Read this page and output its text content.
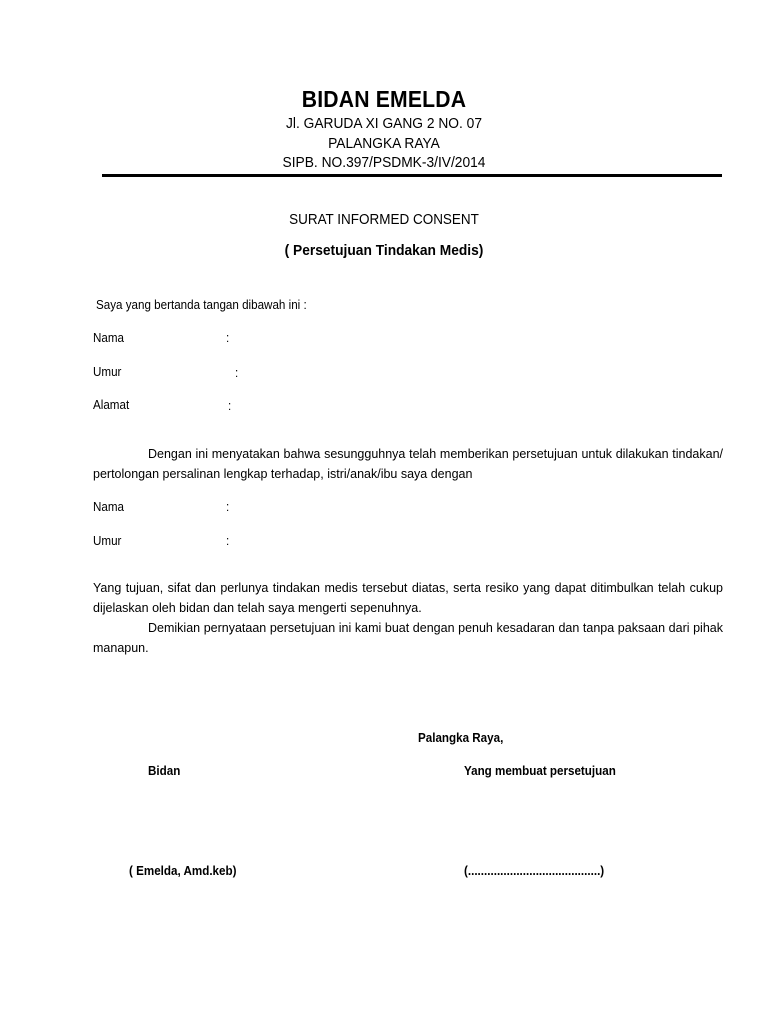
BIDAN EMELDA
Jl. GARUDA XI GANG 2 NO. 07
PALANGKA RAYA
SIPB. NO.397/PSDMK-3/IV/2014
SURAT INFORMED CONSENT
( Persetujuan Tindakan Medis)
Saya yang bertanda tangan dibawah ini :
Nama	:
Umur	:
Alamat	:

Dengan ini menyatakan bahwa sesungguhnya telah memberikan persetujuan untuk dilakukan tindakan/ pertolongan persalinan lengkap terhadap, istri/anak/ibu saya dengan

Nama	:
Umur	:

Yang tujuan, sifat dan perlunya tindakan medis tersebut diatas, serta resiko yang dapat ditimbulkan telah cukup dijelaskan oleh bidan dan telah saya mengerti sepenuhnya.

Demikian pernyataan persetujuan ini kami buat dengan penuh kesadaran dan tanpa paksaan dari pihak manapun.

Palangka Raya,
Bidan	Yang membuat persetujuan
( Emelda, Amd.keb)	(.........................................)
